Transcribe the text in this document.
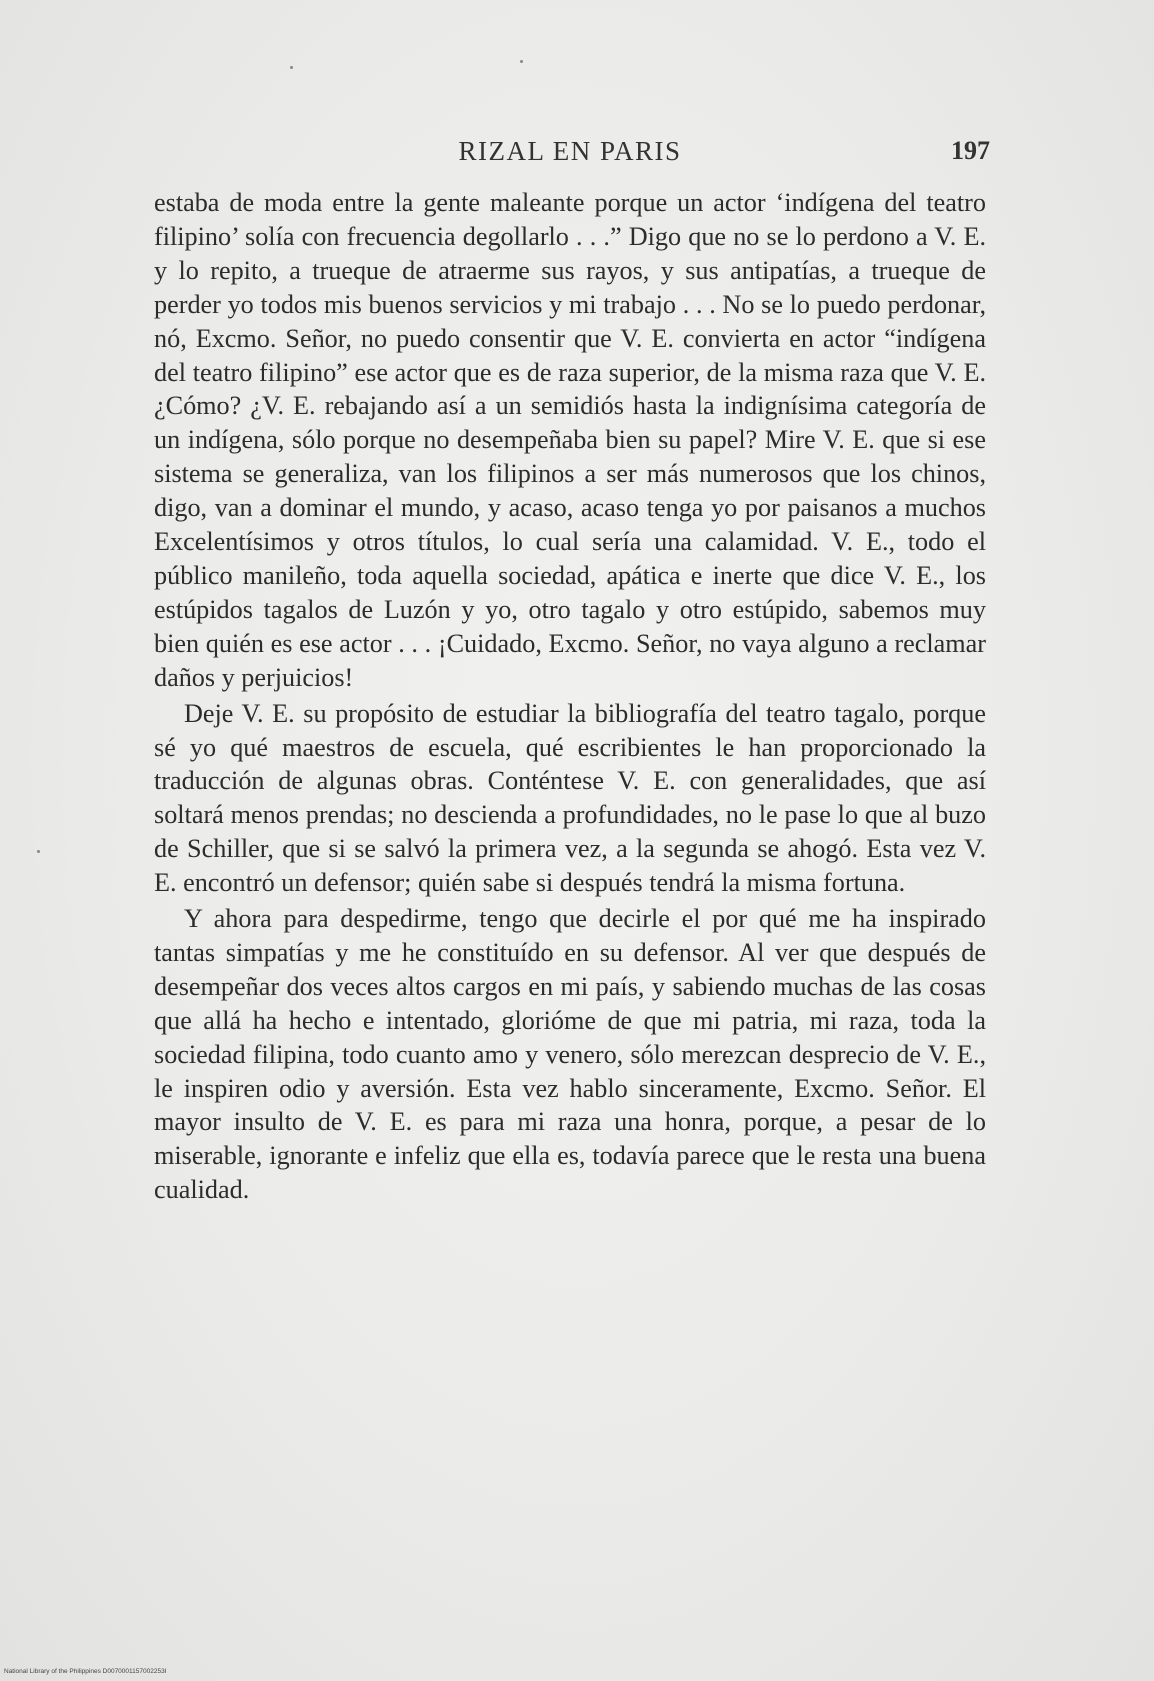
RIZAL EN PARIS	197

estaba de moda entre la gente maleante porque un actor ‘indígena del teatro filipino’ solía con frecuencia degollarlo . . .” Digo que no se lo perdono a V. E. y lo repito, a trueque de atraerme sus rayos, y sus antipatías, a trueque de perder yo todos mis buenos servicios y mi trabajo . . . No se lo puedo perdonar, nó, Excmo. Señor, no puedo consentir que V. E. convierta en actor “indígena del teatro filipino” ese actor que es de raza superior, de la misma raza que V. E. ¿Cómo? ¿V. E. rebajando así a un semidiós hasta la indignísima categoría de un indígena, sólo porque no desempeñaba bien su papel? Mire V. E. que si ese sistema se generaliza, van los filipinos a ser más numerosos que los chinos, digo, van a dominar el mundo, y acaso, acaso tenga yo por paisanos a muchos Excelentísimos y otros títulos, lo cual sería una calamidad. V. E., todo el público manileño, toda aquella sociedad, apática e inerte que dice V. E., los estúpidos tagalos de Luzón y yo, otro tagalo y otro estúpido, sabemos muy bien quién es ese actor . . . ¡Cuidado, Excmo. Señor, no vaya alguno a reclamar daños y perjuicios!

Deje V. E. su propósito de estudiar la bibliografía del teatro tagalo, porque sé yo qué maestros de escuela, qué escribientes le han proporcionado la traducción de algunas obras. Conténtese V. E. con generalidades, que así soltará menos prendas; no descienda a profundidades, no le pase lo que al buzo de Schiller, que si se salvó la primera vez, a la segunda se ahogó. Esta vez V. E. encontró un defensor; quién sabe si después tendrá la misma fortuna.

Y ahora para despedirme, tengo que decirle el por qué me ha inspirado tantas simpatías y me he constituído en su defensor. Al ver que después de desempeñar dos veces altos cargos en mi país, y sabiendo muchas de las cosas que allá ha hecho e intentado, glorióme de que mi patria, mi raza, toda la sociedad filipina, todo cuanto amo y venero, sólo merezcan desprecio de V. E., le inspiren odio y aversión. Esta vez hablo sinceramente, Excmo. Señor. El mayor insulto de V. E. es para mi raza una honra, porque, a pesar de lo miserable, ignorante e infeliz que ella es, todavía parece que le resta una buena cualidad.

National Library of the Philippines D0070001157002253I
